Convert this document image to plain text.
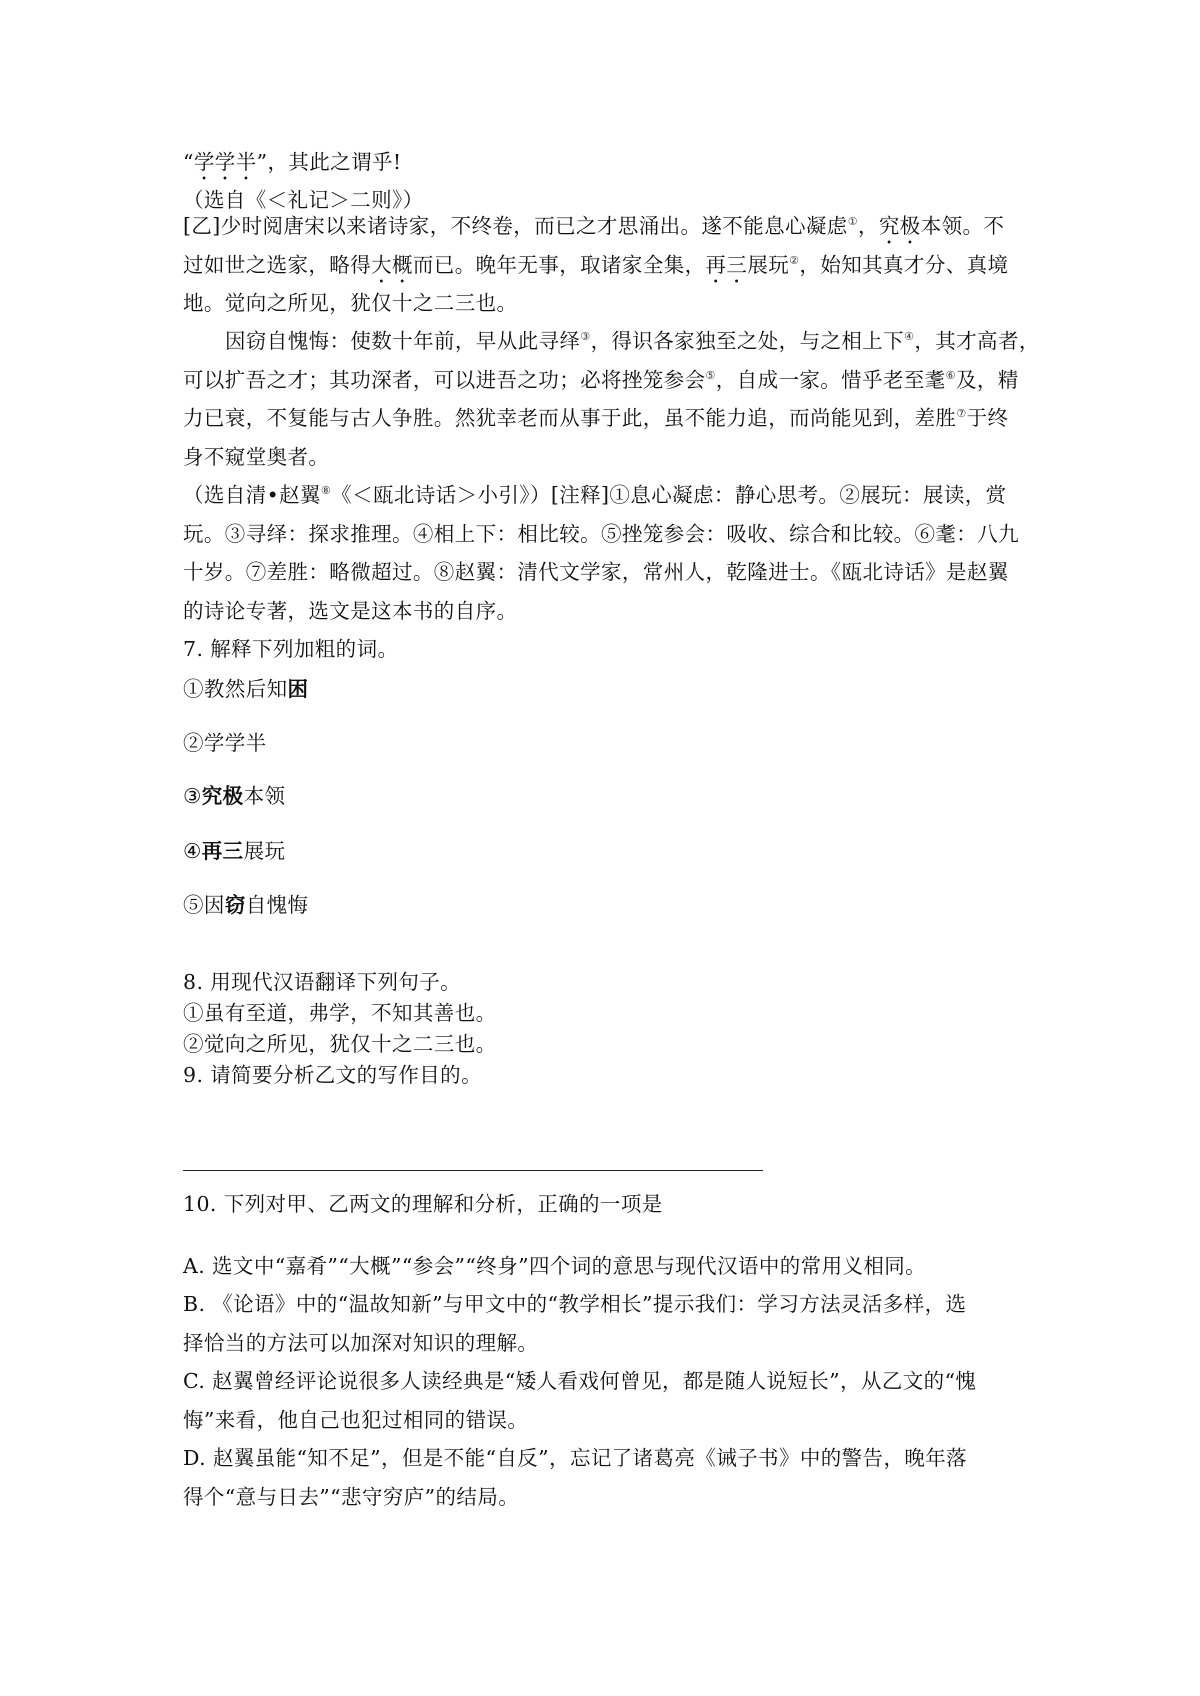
“学学半”，其此之谓乎!
（选自《＜礼记＞二则》）
[乙]少时阅唐宋以来诸诗家，不终卷，而已之才思涌出。遂不能息心凝虑①，究极本领。不
过如世之选家，略得大概而已。晚年无事，取诸家全集，再三展玩②，始知其真才分、真境
地。觉向之所见，犹仅十之二三也。
因窃自愧悔：使数十年前，早从此寻绎③，得识各家独至之处，与之相上下④，其才高者，
可以扩吾之才；其功深者，可以进吾之功；必将挫笼参会⑤，自成一家。惜乎老至耄⑥及，精
力已衰，不复能与古人争胜。然犹幸老而从事于此，虽不能力追，而尚能见到，差胜⑦于终
身不窥堂奥者。
（选自清•赵翼⑧《＜瓯北诗话＞小引》）[注释]①息心凝虑：静心思考。②展玩：展读，赏
玩。③寻绎：探求推理。④相上下：相比较。⑤挫笼参会：吸收、综合和比较。⑥耄：八九
十岁。⑦差胜：略微超过。⑧赵翼：清代文学家，常州人，乾隆进士。《瓯北诗话》是赵翼
的诗论专著，选文是这本书的自序。
7. 解释下列加粗的词。
①教然后知困
②学学半
③究极本领
④再三展玩
⑤因窃自愧悔
8. 用现代汉语翻译下列句子。
①虽有至道，弗学，不知其善也。
②觉向之所见，犹仅十之二三也。
9. 请简要分析乙文的写作目的。
10. 下列对甲、乙两文的理解和分析，正确的一项是
A. 选文中“嘉肴”“大概”“参会”“终身”四个词的意思与现代汉语中的常用义相同。
B. 《论语》中的“温故知新”与甲文中的“教学相长”提示我们：学习方法灵活多样，选
择恰当的方法可以加深对知识的理解。
C. 赵翼曾经评论说很多人读经典是“矮人看戏何曾见，都是随人说短长”，从乙文的“愧
悔”来看，他自己也犯过相同的错误。
D. 赵翼虽能“知不足”，但是不能“自反”，忘记了诸葛亮《诫子书》中的警告，晚年落
得个“意与日去”“悲守穷庐”的结局。
